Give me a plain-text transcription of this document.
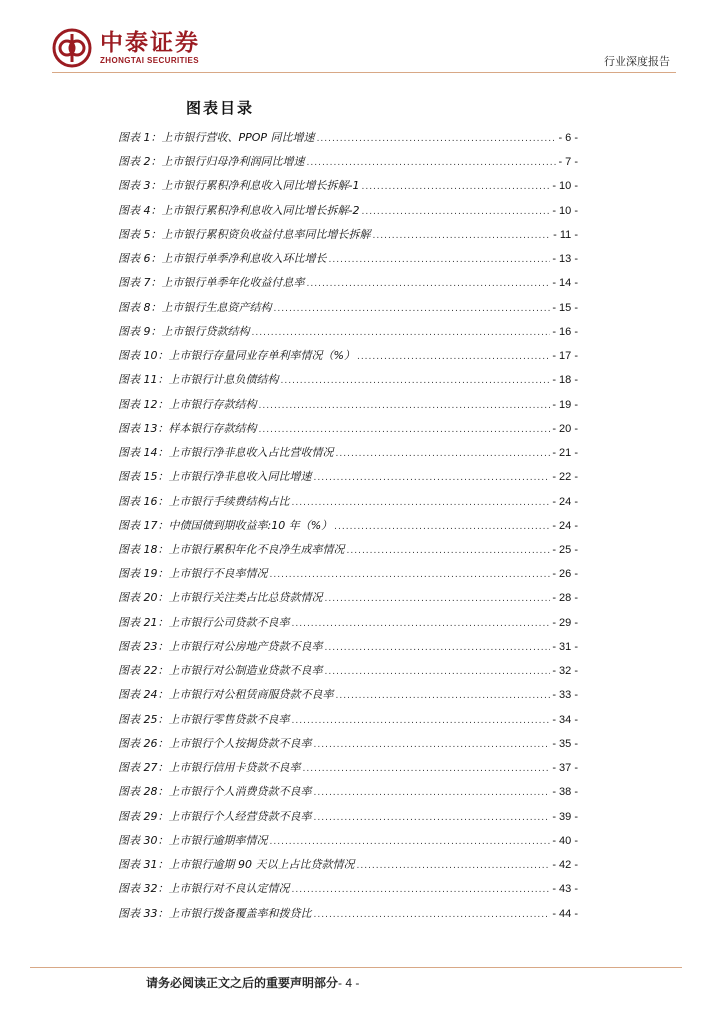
中泰证券
ZHONGTAI SECURITIES	行业深度报告
图表目录
图表 1：上市银行营收、PPOP 同比增速 .....	- 6 -
图表 2：上市银行归母净利润同比增速 .....	- 7 -
图表 3：上市银行累积净利息收入同比增长拆解-1 .....	- 10 -
图表 4：上市银行累积净利息收入同比增长拆解-2 .....	- 10 -
图表 5：上市银行累积资负收益付息率同比增长拆解 .....	- 11 -
图表 6：上市银行单季净利息收入环比增长 .....	- 13 -
图表 7：上市银行单季年化收益付息率 .....	- 14 -
图表 8：上市银行生息资产结构 .....	- 15 -
图表 9：上市银行贷款结构 .....	- 16 -
图表 10：上市银行存量同业存单利率情况（%） .....	- 17 -
图表 11：上市银行计息负债结构 .....	- 18 -
图表 12：上市银行存款结构 .....	- 19 -
图表 13：样本银行存款结构 .....	- 20 -
图表 14：上市银行净非息收入占比营收情况 .....	- 21 -
图表 15：上市银行净非息收入同比增速 .....	- 22 -
图表 16：上市银行手续费结构占比 .....	- 24 -
图表 17：中债国债到期收益率:10 年（%） .....	- 24 -
图表 18：上市银行累积年化不良净生成率情况 .....	- 25 -
图表 19：上市银行不良率情况 .....	- 26 -
图表 20：上市银行关注类占比总贷款情况 .....	- 28 -
图表 21：上市银行公司贷款不良率 .....	- 29 -
图表 23：上市银行对公房地产贷款不良率 .....	- 31 -
图表 22：上市银行对公制造业贷款不良率 .....	- 32 -
图表 24：上市银行对公租赁商服贷款不良率 .....	- 33 -
图表 25：上市银行零售贷款不良率 .....	- 34 -
图表 26：上市银行个人按揭贷款不良率 .....	- 35 -
图表 27：上市银行信用卡贷款不良率 .....	- 37 -
图表 28：上市银行个人消费贷款不良率 .....	- 38 -
图表 29：上市银行个人经营贷款不良率 .....	- 39 -
图表 30：上市银行逾期率情况 .....	- 40 -
图表 31：上市银行逾期 90 天以上占比贷款情况 .....	- 42 -
图表 32：上市银行对不良认定情况 .....	- 43 -
图表 33：上市银行拨备覆盖率和拨贷比 .....	- 44 -
请务必阅读正文之后的重要声明部分- 4 -
